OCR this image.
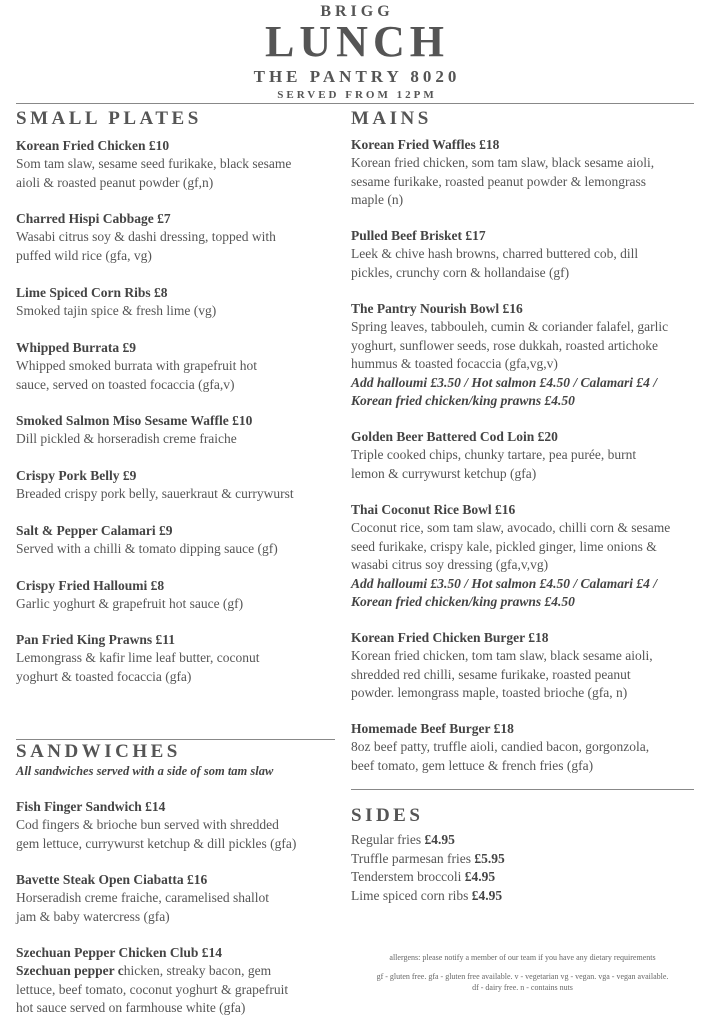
BRIGG
LUNCH
THE PANTRY 8020
SERVED FROM 12PM
SMALL PLATES
Korean Fried Chicken £10
Som tam slaw, sesame seed furikake, black sesame
aioli & roasted peanut powder (gf,n)
Charred Hispi Cabbage £7
Wasabi citrus soy & dashi dressing, topped with
puffed wild rice (gfa, vg)
Lime Spiced Corn Ribs £8
Smoked tajin spice & fresh lime (vg)
Whipped Burrata £9
Whipped smoked burrata with grapefruit hot
sauce, served on toasted focaccia (gfa,v)
Smoked Salmon Miso Sesame Waffle £10
Dill pickled & horseradish creme fraiche
Crispy Pork Belly £9
Breaded crispy pork belly, sauerkraut & currywurst
Salt & Pepper Calamari £9
Served with a chilli & tomato dipping sauce (gf)
Crispy Fried Halloumi £8
Garlic yoghurt & grapefruit hot sauce (gf)
Pan Fried King Prawns £11
Lemongrass & kafir lime leaf butter, coconut
yoghurt & toasted focaccia (gfa)
SANDWICHES
All sandwiches served with a side of som tam slaw
Fish Finger Sandwich £14
Cod fingers & brioche bun served with shredded
gem lettuce, currywurst ketchup & dill pickles (gfa)
Bavette Steak Open Ciabatta £16
Horseradish creme fraiche, caramelised shallot
jam & baby watercress (gfa)
Szechuan Pepper Chicken Club £14
Szechuan pepper chicken, streaky bacon, gem
lettuce, beef tomato, coconut yoghurt & grapefruit
hot sauce served on farmhouse white (gfa)
MAINS
Korean Fried Waffles £18
Korean fried chicken, som tam slaw, black sesame aioli,
sesame furikake, roasted peanut powder & lemongrass
maple (n)
Pulled Beef Brisket £17
Leek & chive hash browns, charred buttered cob, dill
pickles, crunchy corn & hollandaise (gf)
The Pantry Nourish Bowl £16
Spring leaves, tabbouleh, cumin & coriander falafel, garlic
yoghurt, sunflower seeds, rose dukkah, roasted artichoke
hummus & toasted focaccia (gfa,vg,v)
Add halloumi £3.50 / Hot salmon £4.50 / Calamari £4 /
Korean fried chicken/king prawns £4.50
Golden Beer Battered Cod Loin £20
Triple cooked chips, chunky tartare, pea purée, burnt
lemon & currywurst ketchup (gfa)
Thai Coconut Rice Bowl £16
Coconut rice, som tam slaw, avocado, chilli corn & sesame
seed furikake, crispy kale, pickled ginger, lime onions &
wasabi citrus soy dressing (gfa,v,vg)
Add halloumi £3.50 / Hot salmon £4.50 / Calamari £4 /
Korean fried chicken/king prawns £4.50
Korean Fried Chicken Burger £18
Korean fried chicken, tom tam slaw, black sesame aioli,
shredded red chilli, sesame furikake, roasted peanut
powder. lemongrass maple, toasted brioche (gfa, n)
Homemade Beef Burger £18
8oz beef patty, truffle aioli, candied bacon, gorgonzola,
beef tomato, gem lettuce & french fries (gfa)
SIDES
Regular fries £4.95
Truffle parmesan fries £5.95
Tenderstem broccoli £4.95
Lime spiced corn ribs £4.95
allergens: please notify a member of our team if you have any dietary requirements
gf - gluten free. gfa - gluten free available. v - vegetarian vg - vegan. vga - vegan available.
df - dairy free. n - contains nuts
